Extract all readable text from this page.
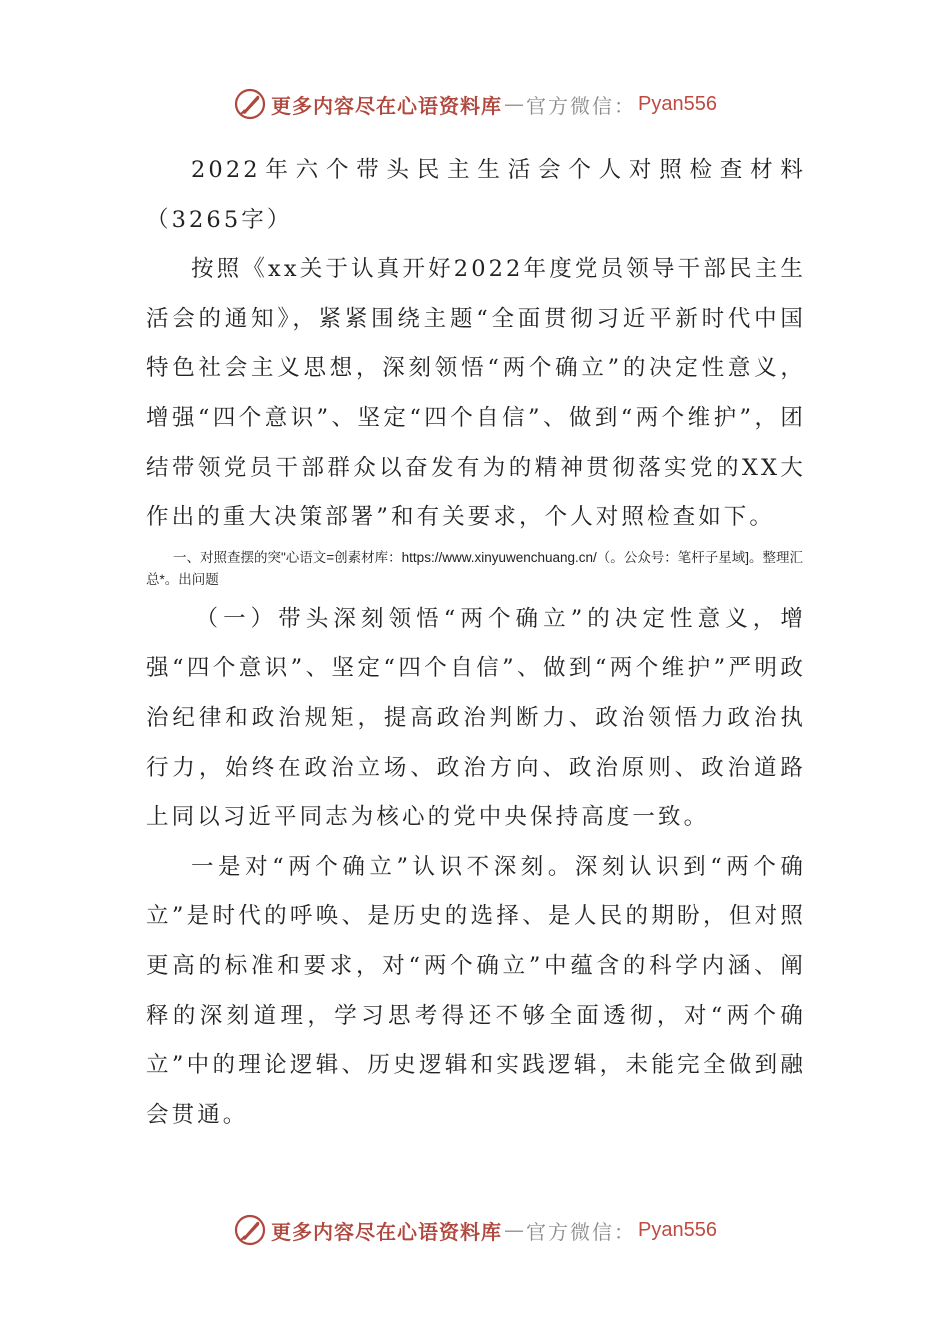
更多内容尽在心语资料库 — 官方微信： Pyan556

2022年六个带头民主生活会个人对照检查材料（3265字）

按照《xx关于认真开好2022年度党员领导干部民主生活会的通知》，紧紧围绕主题“全面贯彻习近平新时代中国特色社会主义思想，深刻领悟“两个确立”的决定性意义，增强“四个意识”、坚定“四个自信”、做到“两个维护”，团结带领党员干部群众以奋发有为的精神贯彻落实党的XX大作出的重大决策部署”和有关要求，个人对照检查如下。

一、对照查摆的突"心语文=创素材库：https://www.xinyuwenchuang.cn/（。公众号：笔杆子星域]。整理汇总*。出问题

（一）带头深刻领悟“两个确立”的决定性意义，增强“四个意识”、坚定“四个自信”、做到“两个维护”严明政治纪律和政治规矩，提高政治判断力、政治领悟力政治执行力，始终在政治立场、政治方向、政治原则、政治道路上同以习近平同志为核心的党中央保持高度一致。

一是对“两个确立”认识不深刻。深刻认识到“两个确立”是时代的呼唤、是历史的选择、是人民的期盼，但对照更高的标准和要求，对“两个确立”中蕴含的科学内涵、阐释的深刻道理，学习思考得还不够全面透彻，对“两个确立”中的理论逻辑、历史逻辑和实践逻辑，未能完全做到融会贯通。

更多内容尽在心语资料库 — 官方微信： Pyan556
